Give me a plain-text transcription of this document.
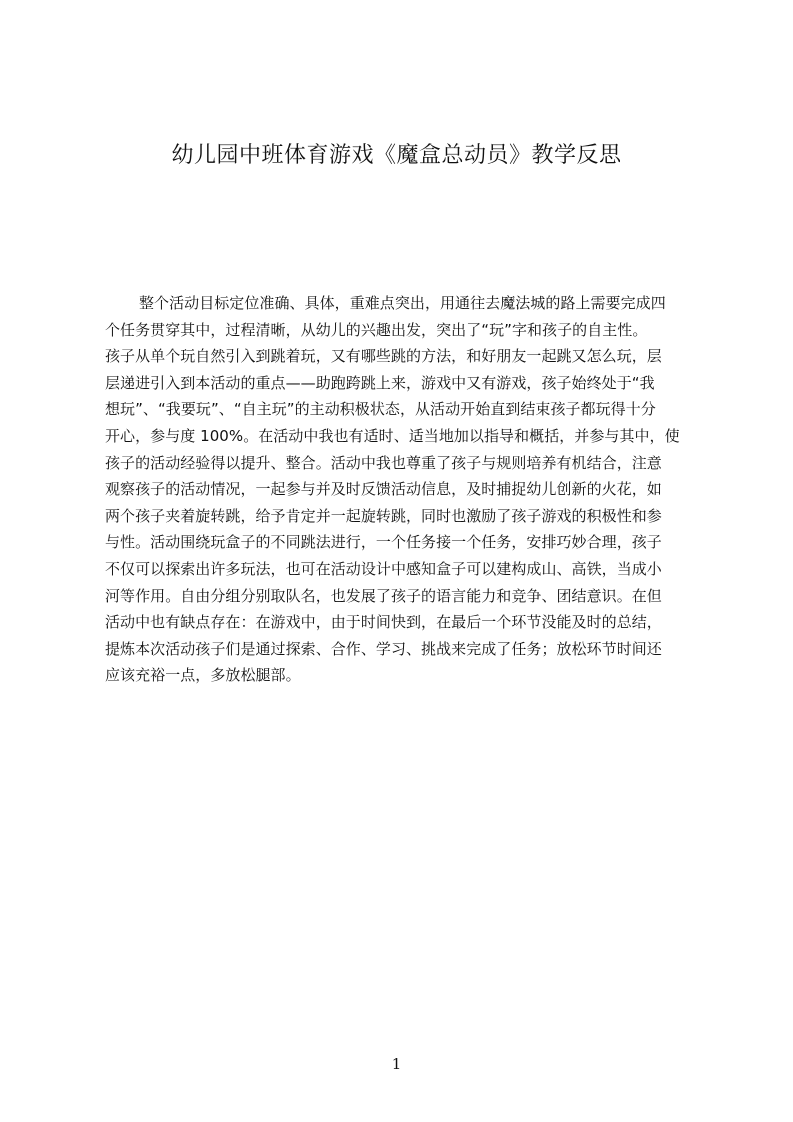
幼儿园中班体育游戏《魔盒总动员》教学反思
整个活动目标定位准确、具体，重难点突出，用通往去魔法城的路上需要完成四
个任务贯穿其中，过程清晰，从幼儿的兴趣出发，突出了“玩”字和孩子的自主性。
孩子从单个玩自然引入到跳着玩，又有哪些跳的方法，和好朋友一起跳又怎么玩，层
层递进引入到本活动的重点——助跑跨跳上来，游戏中又有游戏，孩子始终处于“我
想玩”、“我要玩”、“自主玩”的主动积极状态，从活动开始直到结束孩子都玩得十分
开心，参与度 100%。在活动中我也有适时、适当地加以指导和概括，并参与其中，使
孩子的活动经验得以提升、整合。活动中我也尊重了孩子与规则培养有机结合，注意
观察孩子的活动情况，一起参与并及时反馈活动信息，及时捕捉幼儿创新的火花，如
两个孩子夹着旋转跳，给予肯定并一起旋转跳，同时也激励了孩子游戏的积极性和参
与性。活动围绕玩盒子的不同跳法进行，一个任务接一个任务，安排巧妙合理，孩子
不仅可以探索出许多玩法，也可在活动设计中感知盒子可以建构成山、高铁，当成小
河等作用。自由分组分别取队名，也发展了孩子的语言能力和竞争、团结意识。在但
活动中也有缺点存在：在游戏中，由于时间快到，在最后一个环节没能及时的总结，
提炼本次活动孩子们是通过探索、合作、学习、挑战来完成了任务；放松环节时间还
应该充裕一点，多放松腿部。
1
